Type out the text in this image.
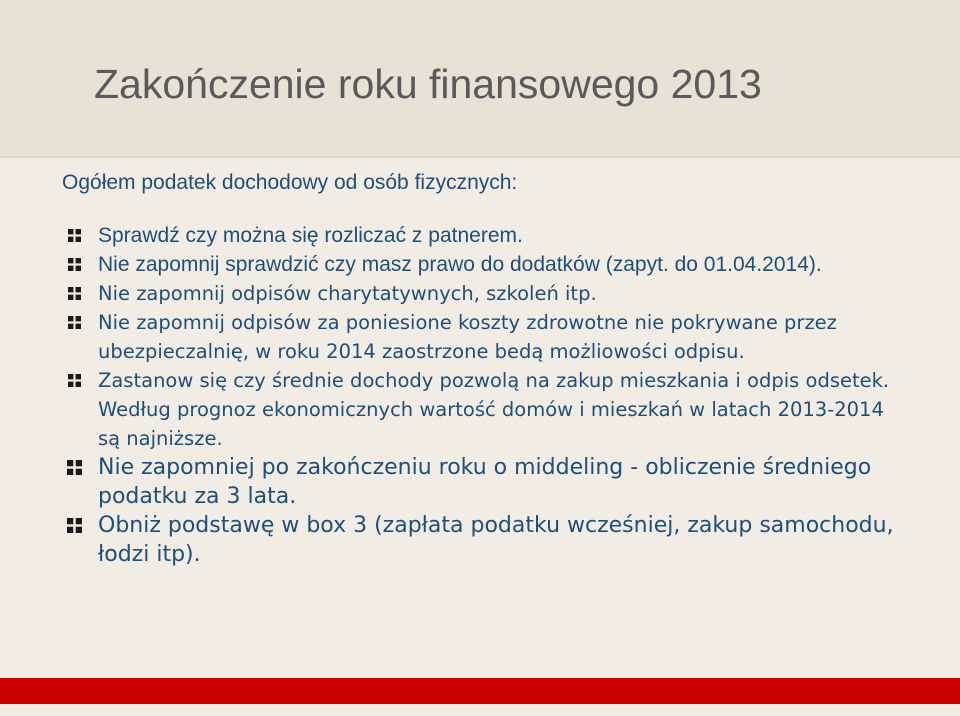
Zakończenie roku finansowego 2013

Ogółem podatek dochodowy od osób fizycznych:

Sprawdź czy można się rozliczać z patnerem.
Nie zapomnij sprawdzić czy masz prawo do dodatków (zapyt. do 01.04.2014).
Nie zapomnij odpisów charytatywnych, szkoleń itp.
Nie zapomnij odpisów za poniesione koszty zdrowotne nie pokrywane przez ubezpieczalnię, w roku 2014 zaostrzone bedą możliowości odpisu.
Zastanow się czy średnie dochody pozwolą na zakup mieszkania i odpis odsetek. Według prognoz ekonomicznych wartość domów i mieszkań w latach 2013-2014 są najniższe.
Nie zapomniej po zakończeniu roku o middeling - obliczenie średniego podatku za 3 lata.
Obniż podstawę w box 3 (zapłata podatku wcześniej, zakup samochodu, łodzi itp).
